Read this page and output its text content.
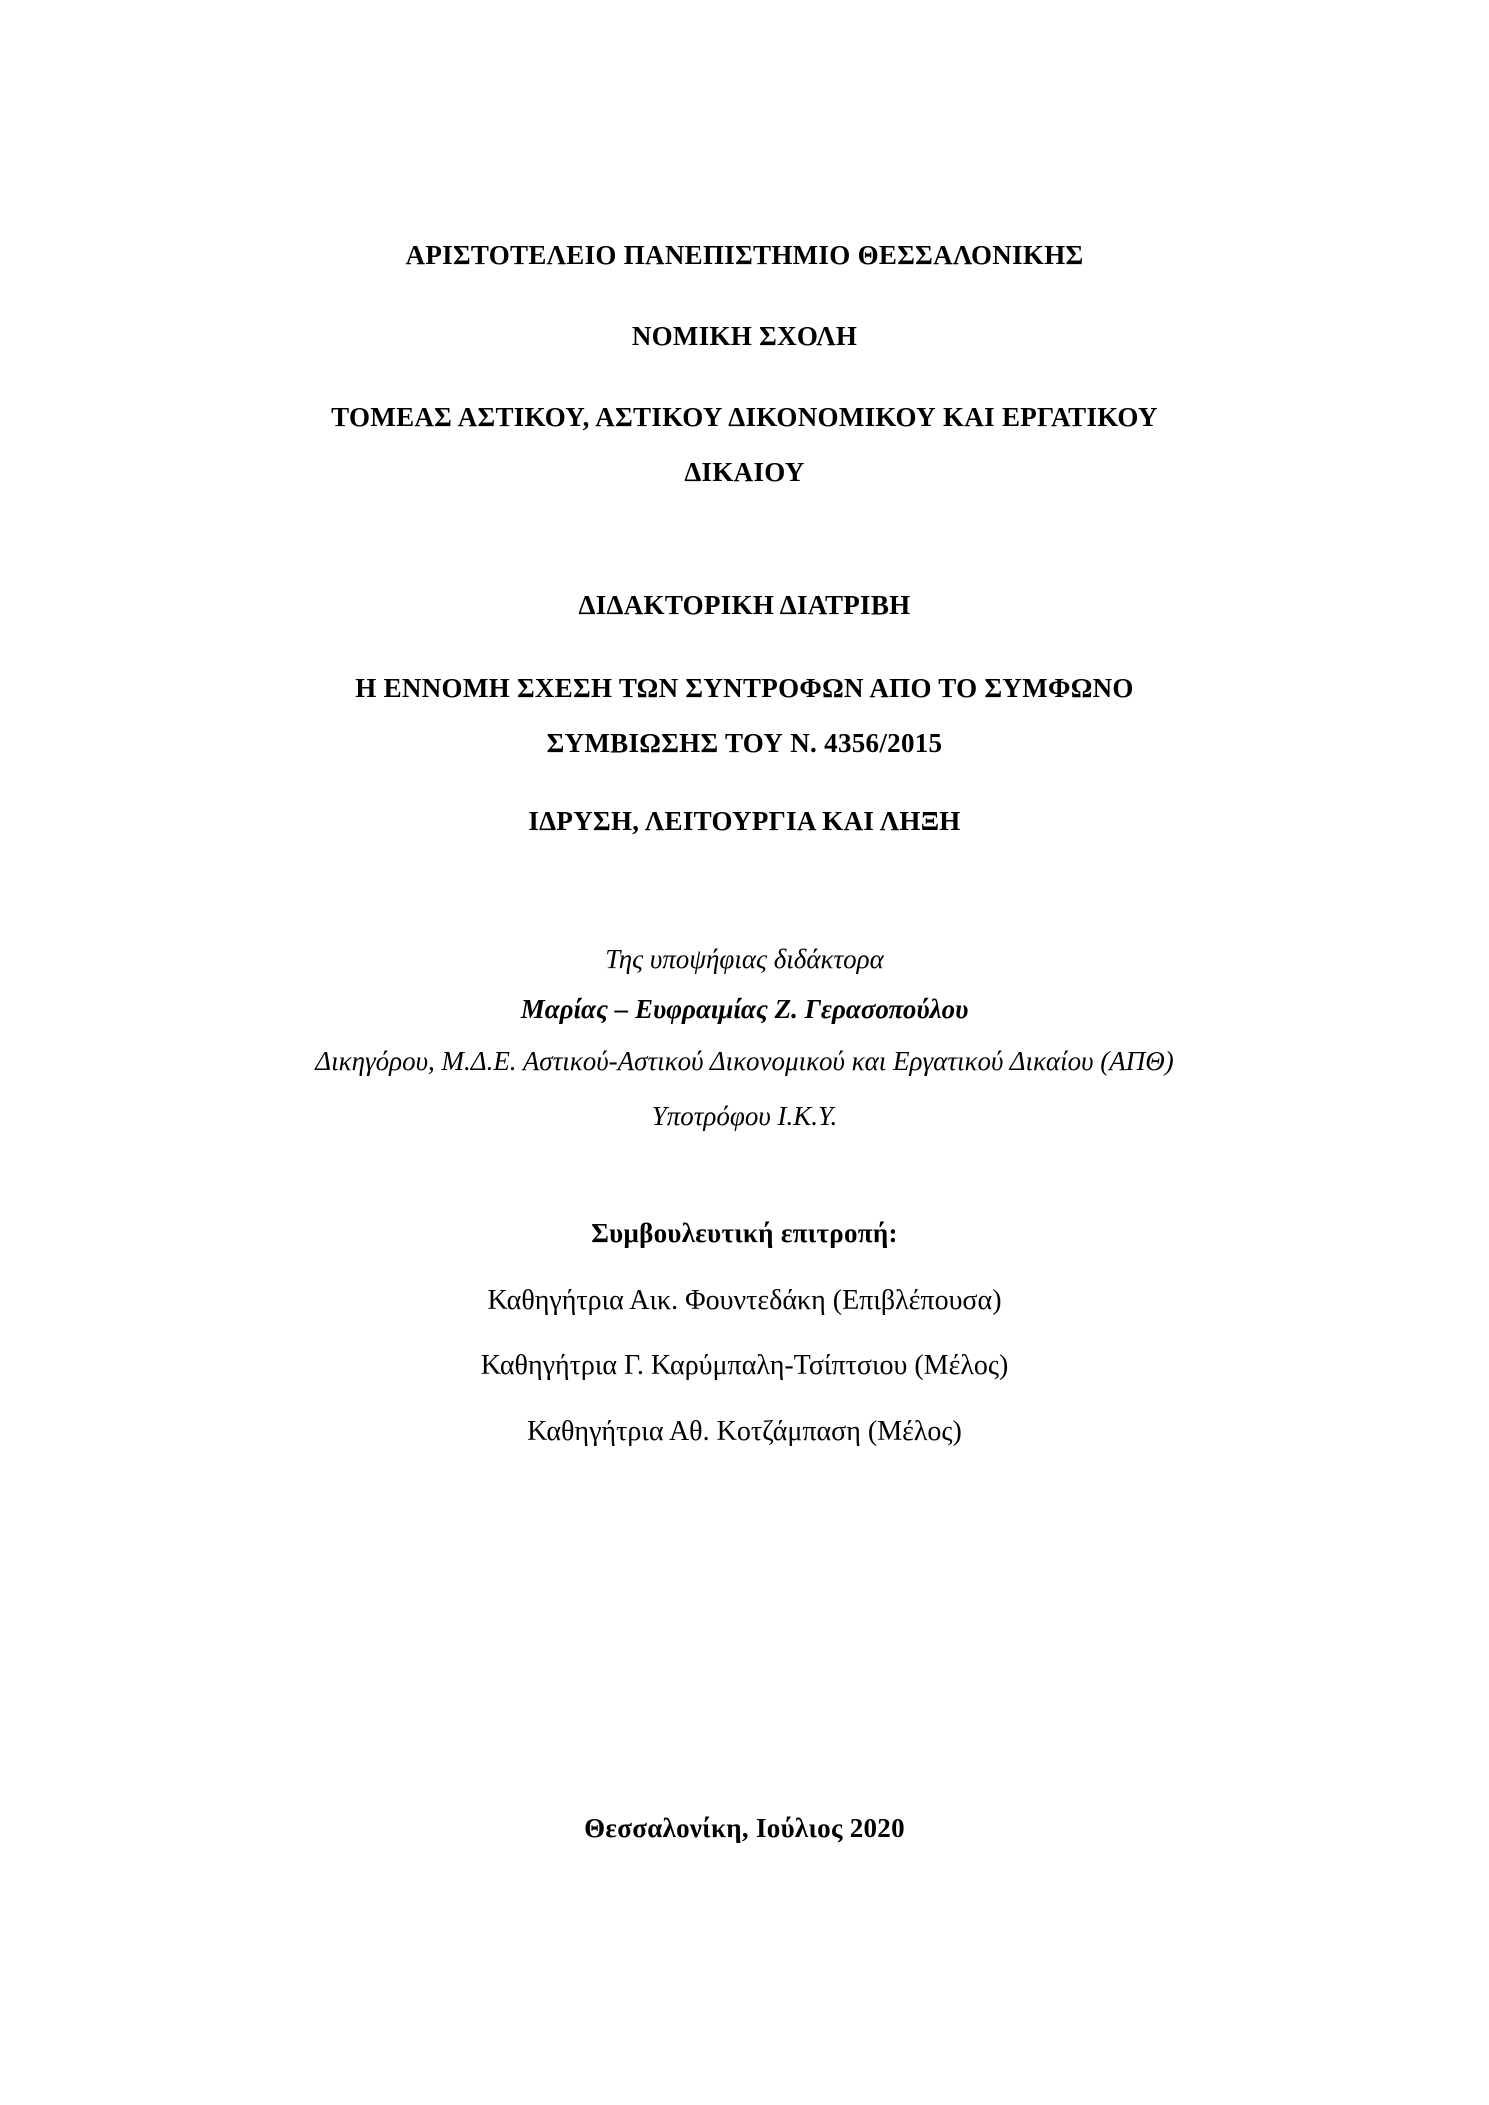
ΑΡΙΣΤΟΤΕΛΕΙΟ ΠΑΝΕΠΙΣΤΗΜΙΟ ΘΕΣΣΑΛΟΝΙΚΗΣ
ΝΟΜΙΚΗ ΣΧΟΛΗ
ΤΟΜΕΑΣ ΑΣΤΙΚΟΥ, ΑΣΤΙΚΟΥ ΔΙΚΟΝΟΜΙΚΟΥ ΚΑΙ ΕΡΓΑΤΙΚΟΥ
ΔΙΚΑΙΟΥ
ΔΙΔΑΚΤΟΡΙΚΗ ΔΙΑΤΡΙΒΗ
Η ΕΝΝΟΜΗ ΣΧΕΣΗ ΤΩΝ ΣΥΝΤΡΟΦΩΝ ΑΠΟ ΤΟ ΣΥΜΦΩΝΟ
ΣΥΜΒΙΩΣΗΣ ΤΟΥ Ν. 4356/2015
ΙΔΡΥΣΗ, ΛΕΙΤΟΥΡΓΙΑ ΚΑΙ ΛΗΞΗ
Της υποψήφιας διδάκτορα
Μαρίας – Ευφραιμίας Ζ. Γερασοπούλου
Δικηγόρου, Μ.Δ.Ε. Αστικού-Αστικού Δικονομικού και Εργατικού Δικαίου (ΑΠΘ)
Υποτρόφου Ι.Κ.Υ.
Συμβουλευτική επιτροπή:
Καθηγήτρια Αικ. Φουντεδάκη (Επιβλέπουσα)
Καθηγήτρια Γ. Καρύμπαλη-Τσίπτσιου (Μέλος)
Καθηγήτρια Αθ. Κοτζάμπαση (Μέλος)
Θεσσαλονίκη, Ιούλιος 2020
